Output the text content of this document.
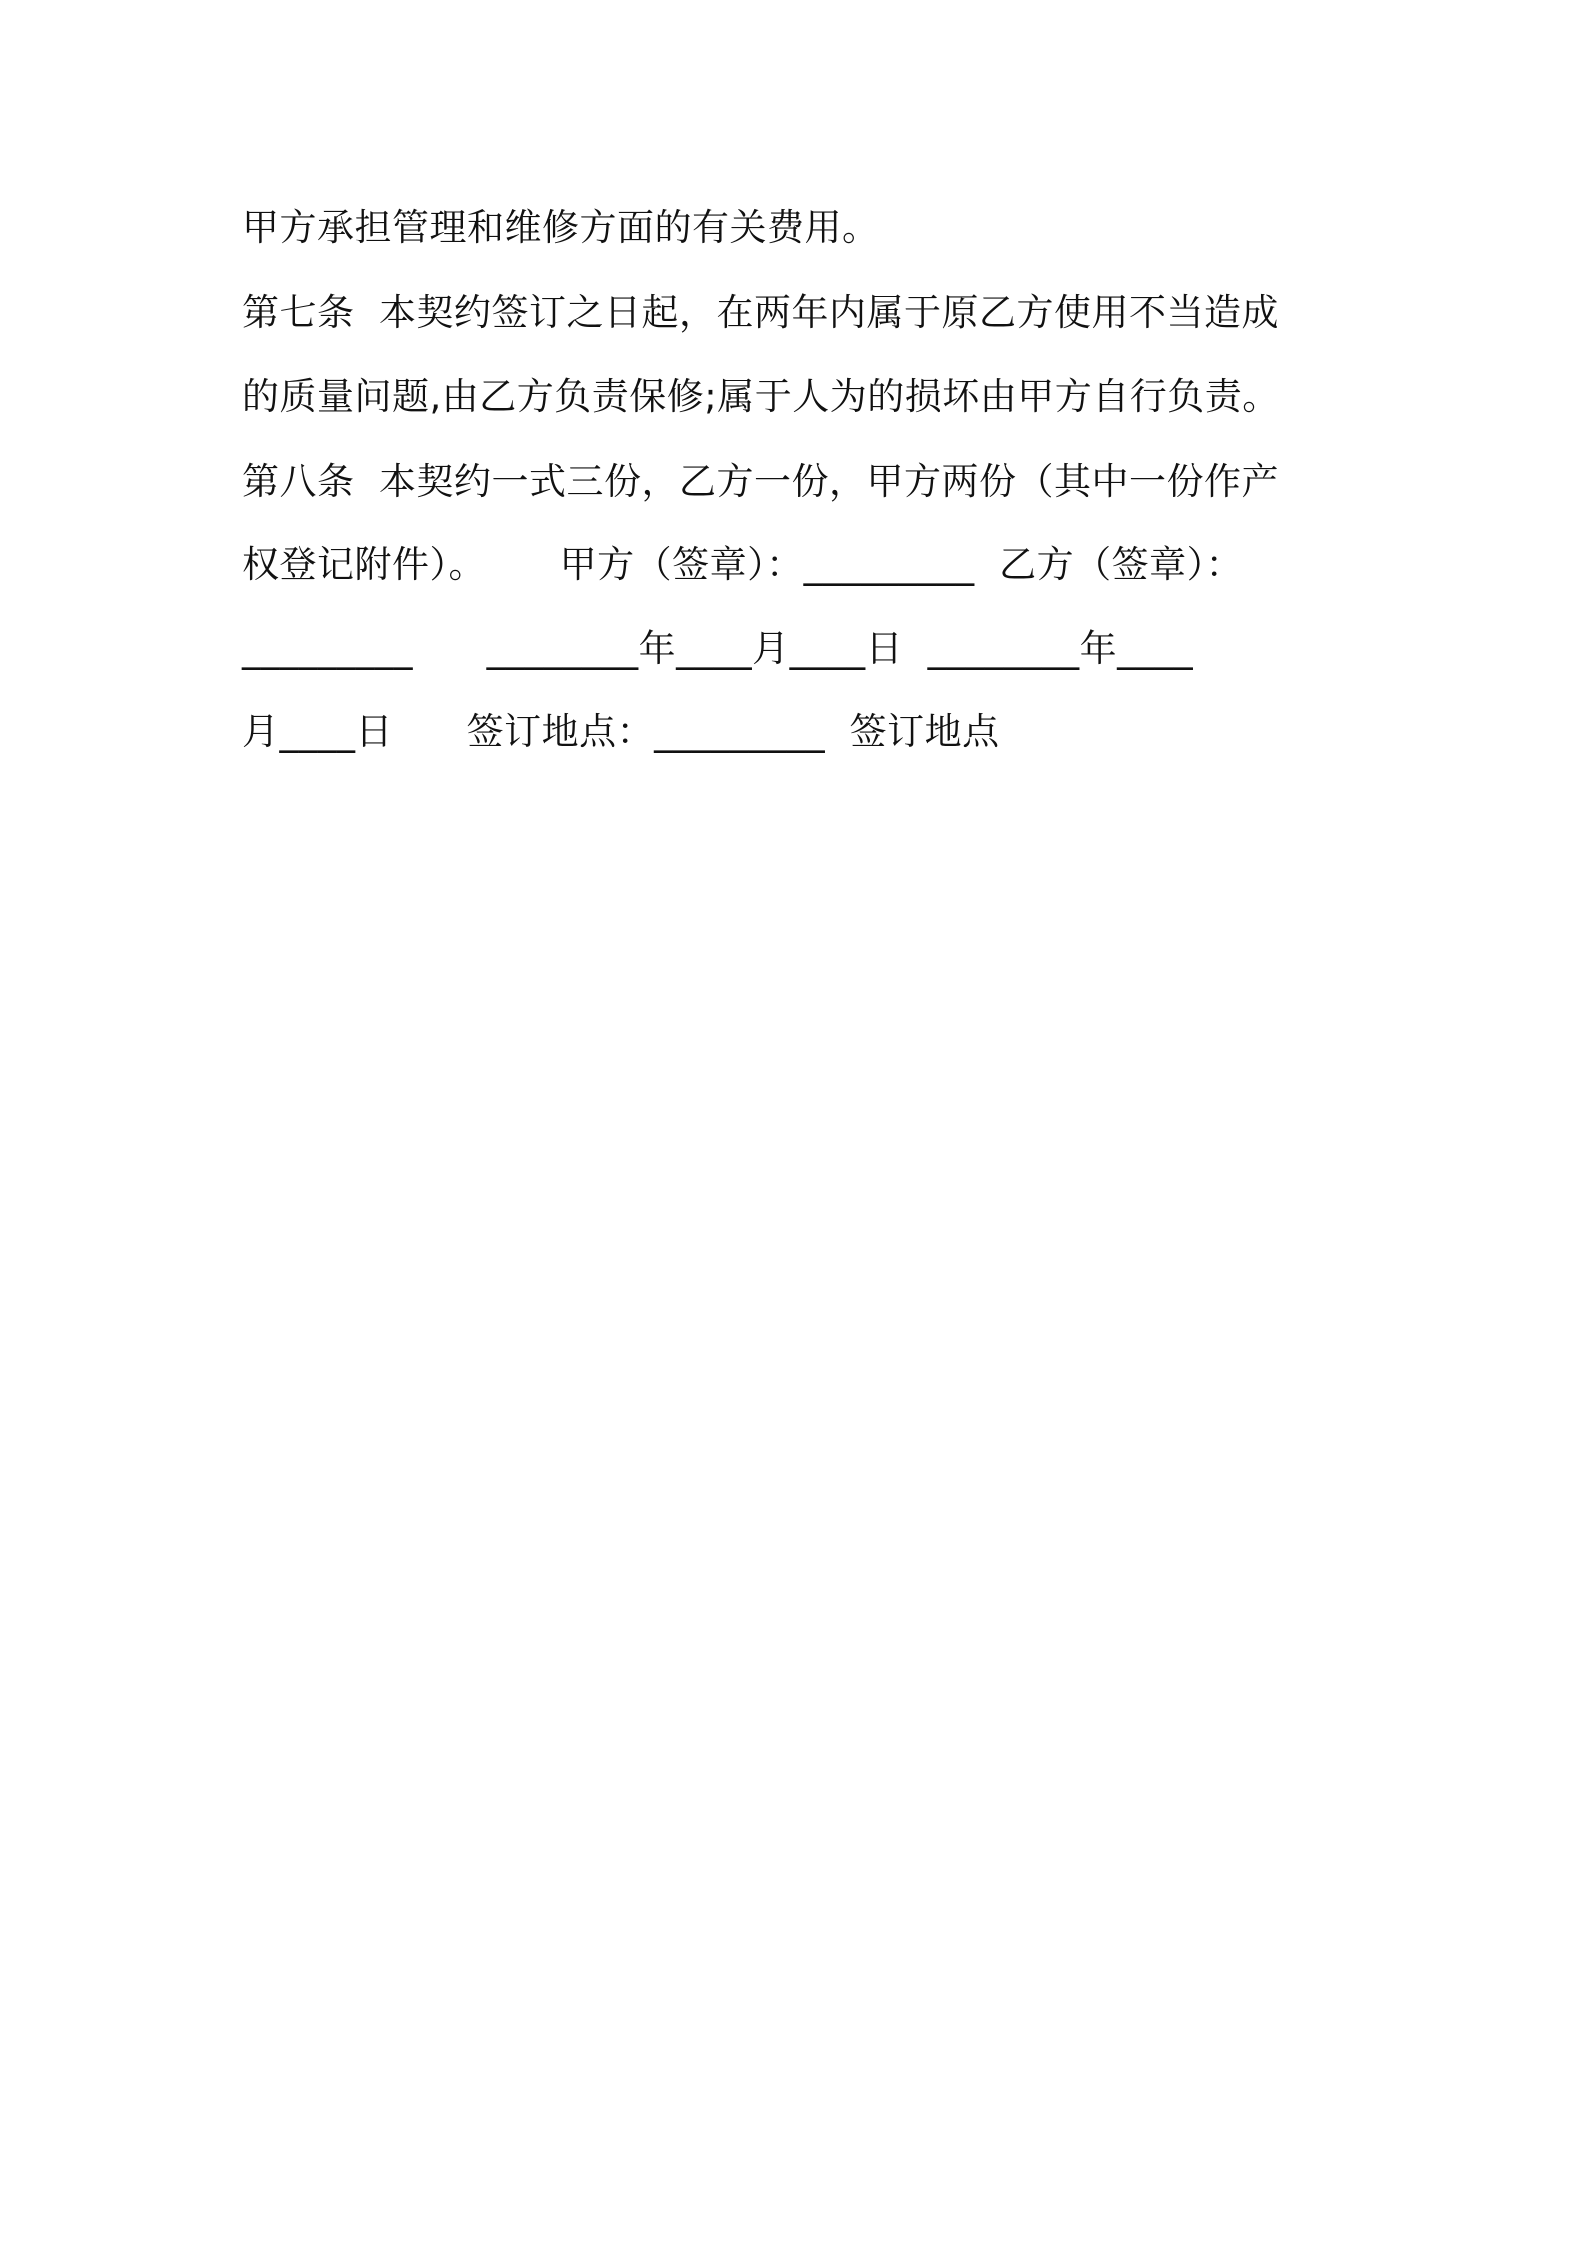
甲方承担管理和维修方面的有关费用。
第七条  本契约签订之日起，在两年内属于原乙方使用不当造成
的质量问题,由乙方负责保修;属于人为的损坏由甲方自行负责。
第八条  本契约一式三份，乙方一份，甲方两份（其中一份作产
权登记附件）。      甲方（签章）：_________  乙方（签章）：
_________      ________年____月____日  ________年____
月____日      签订地点：_________  签订地点
